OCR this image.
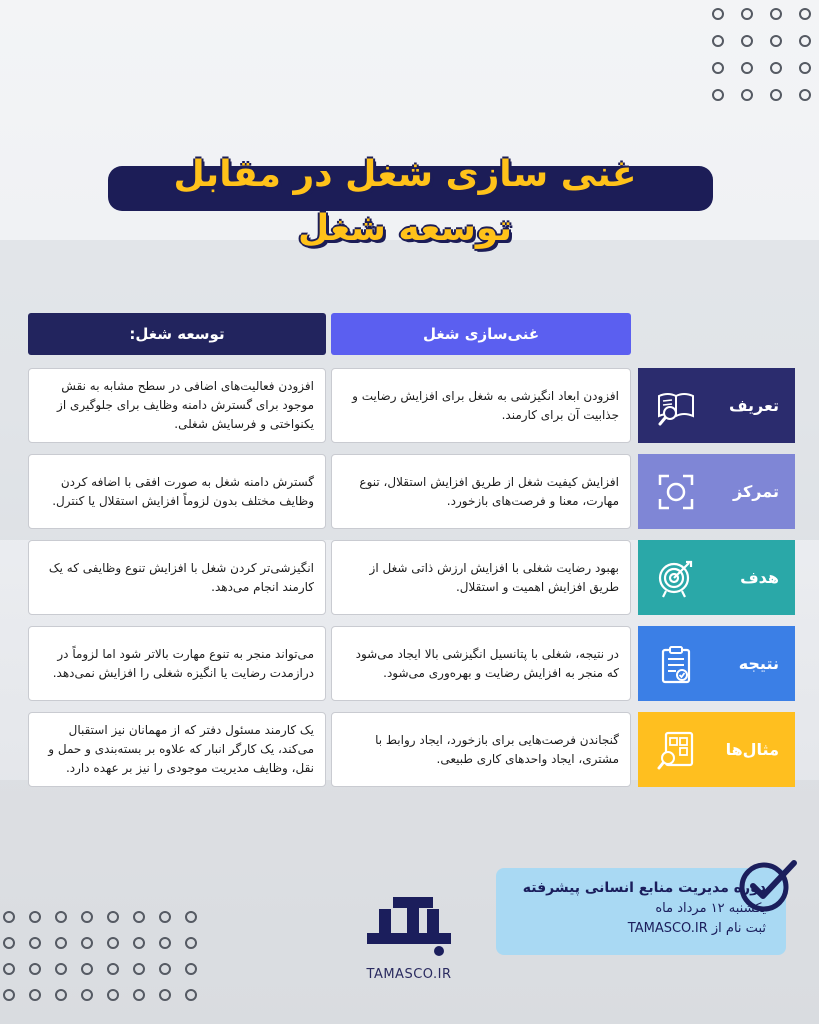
غنی سازی شغل در مقابل توسعه شغل
غنی‌سازی شغل
توسعه شغل:
تعریف
افزودن ابعاد انگیزشی به شغل برای افزایش رضایت و جذابیت آن برای کارمند.
افزودن فعالیت‌های اضافی در سطح مشابه به نقش موجود برای گسترش دامنه وظایف برای جلوگیری از یکنواختی و فرسایش شغلی.
تمرکز
افزایش کیفیت شغل از طریق افزایش استقلال، تنوع مهارت، معنا و فرصت‌های بازخورد.
گسترش دامنه شغل به صورت افقی با اضافه کردن وظایف مختلف بدون لزوماً افزایش استقلال یا کنترل.
هدف
بهبود رضایت شغلی با افزایش ارزش ذاتی شغل از طریق افزایش اهمیت و استقلال.
انگیزشی‌تر کردن شغل با افزایش تنوع وظایفی که یک کارمند انجام می‌دهد.
نتیجه
در نتیجه، شغلی با پتانسیل انگیزشی بالا ایجاد می‌شود که منجر به افزایش رضایت و بهره‌وری می‌شود.
می‌تواند منجر به تنوع مهارت بالاتر شود اما لزوماً در درازمدت رضایت یا انگیزه شغلی را افزایش نمی‌دهد.
مثال‌ها
گنجاندن فرصت‌هایی برای بازخورد، ایجاد روابط با مشتری، ایجاد واحدهای کاری طبیعی.
یک کارمند مسئول دفتر که از مهمانان نیز استقبال می‌کند، یک کارگر انبار که علاوه بر بسته‌بندی و حمل و نقل، وظایف مدیریت موجودی را نیز بر عهده دارد.
دوره مدیریت منابع انسانی پیشرفته
یکشنبه ۱۲ مرداد ماه
ثبت نام از TAMASCO.IR
TAMASCO.IR
